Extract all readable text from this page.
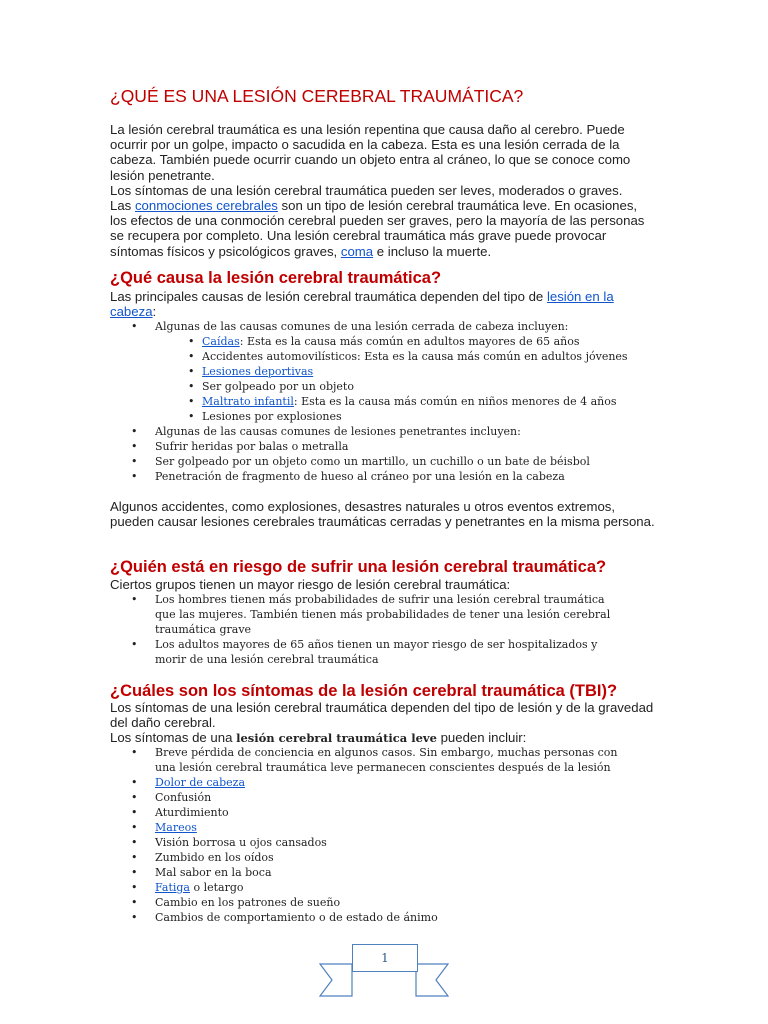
¿QUÉ ES UNA LESIÓN CEREBRAL TRAUMÁTICA?

La lesión cerebral traumática es una lesión repentina que causa daño al cerebro. Puede ocurrir por un golpe, impacto o sacudida en la cabeza. Esta es una lesión cerrada de la cabeza. También puede ocurrir cuando un objeto entra al cráneo, lo que se conoce como lesión penetrante.
Los síntomas de una lesión cerebral traumática pueden ser leves, moderados o graves.
Las conmociones cerebrales son un tipo de lesión cerebral traumática leve. En ocasiones, los efectos de una conmoción cerebral pueden ser graves, pero la mayoría de las personas se recupera por completo. Una lesión cerebral traumática más grave puede provocar síntomas físicos y psicológicos graves, coma e incluso la muerte.

¿Qué causa la lesión cerebral traumática?

Las principales causas de lesión cerebral traumática dependen del tipo de lesión en la cabeza:

• Algunas de las causas comunes de una lesión cerrada de cabeza incluyen:
• Caídas: Esta es la causa más común en adultos mayores de 65 años
• Accidentes automovilísticos: Esta es la causa más común en adultos jóvenes
• Lesiones deportivas
• Ser golpeado por un objeto
• Maltrato infantil: Esta es la causa más común en niños menores de 4 años
• Lesiones por explosiones
• Algunas de las causas comunes de lesiones penetrantes incluyen:
• Sufrir heridas por balas o metralla
• Ser golpeado por un objeto como un martillo, un cuchillo o un bate de béisbol
• Penetración de fragmento de hueso al cráneo por una lesión en la cabeza

Algunos accidentes, como explosiones, desastres naturales u otros eventos extremos, pueden causar lesiones cerebrales traumáticas cerradas y penetrantes en la misma persona.

¿Quién está en riesgo de sufrir una lesión cerebral traumática?

Ciertos grupos tienen un mayor riesgo de lesión cerebral traumática:

• Los hombres tienen más probabilidades de sufrir una lesión cerebral traumática que las mujeres. También tienen más probabilidades de tener una lesión cerebral traumática grave
• Los adultos mayores de 65 años tienen un mayor riesgo de ser hospitalizados y morir de una lesión cerebral traumática
¿Cuáles son los síntomas de la lesión cerebral traumática (TBI)?

Los síntomas de una lesión cerebral traumática dependen del tipo de lesión y de la gravedad del daño cerebral.
Los síntomas de una lesión cerebral traumática leve pueden incluir:

• Breve pérdida de conciencia en algunos casos. Sin embargo, muchas personas con una lesión cerebral traumática leve permanecen conscientes después de la lesión
• Dolor de cabeza
• Confusión
• Aturdimiento
• Mareos
• Visión borrosa u ojos cansados
• Zumbido en los oídos
• Mal sabor en la boca
• Fatiga o letargo
• Cambio en los patrones de sueño
• Cambios de comportamiento o de estado de ánimo
1
